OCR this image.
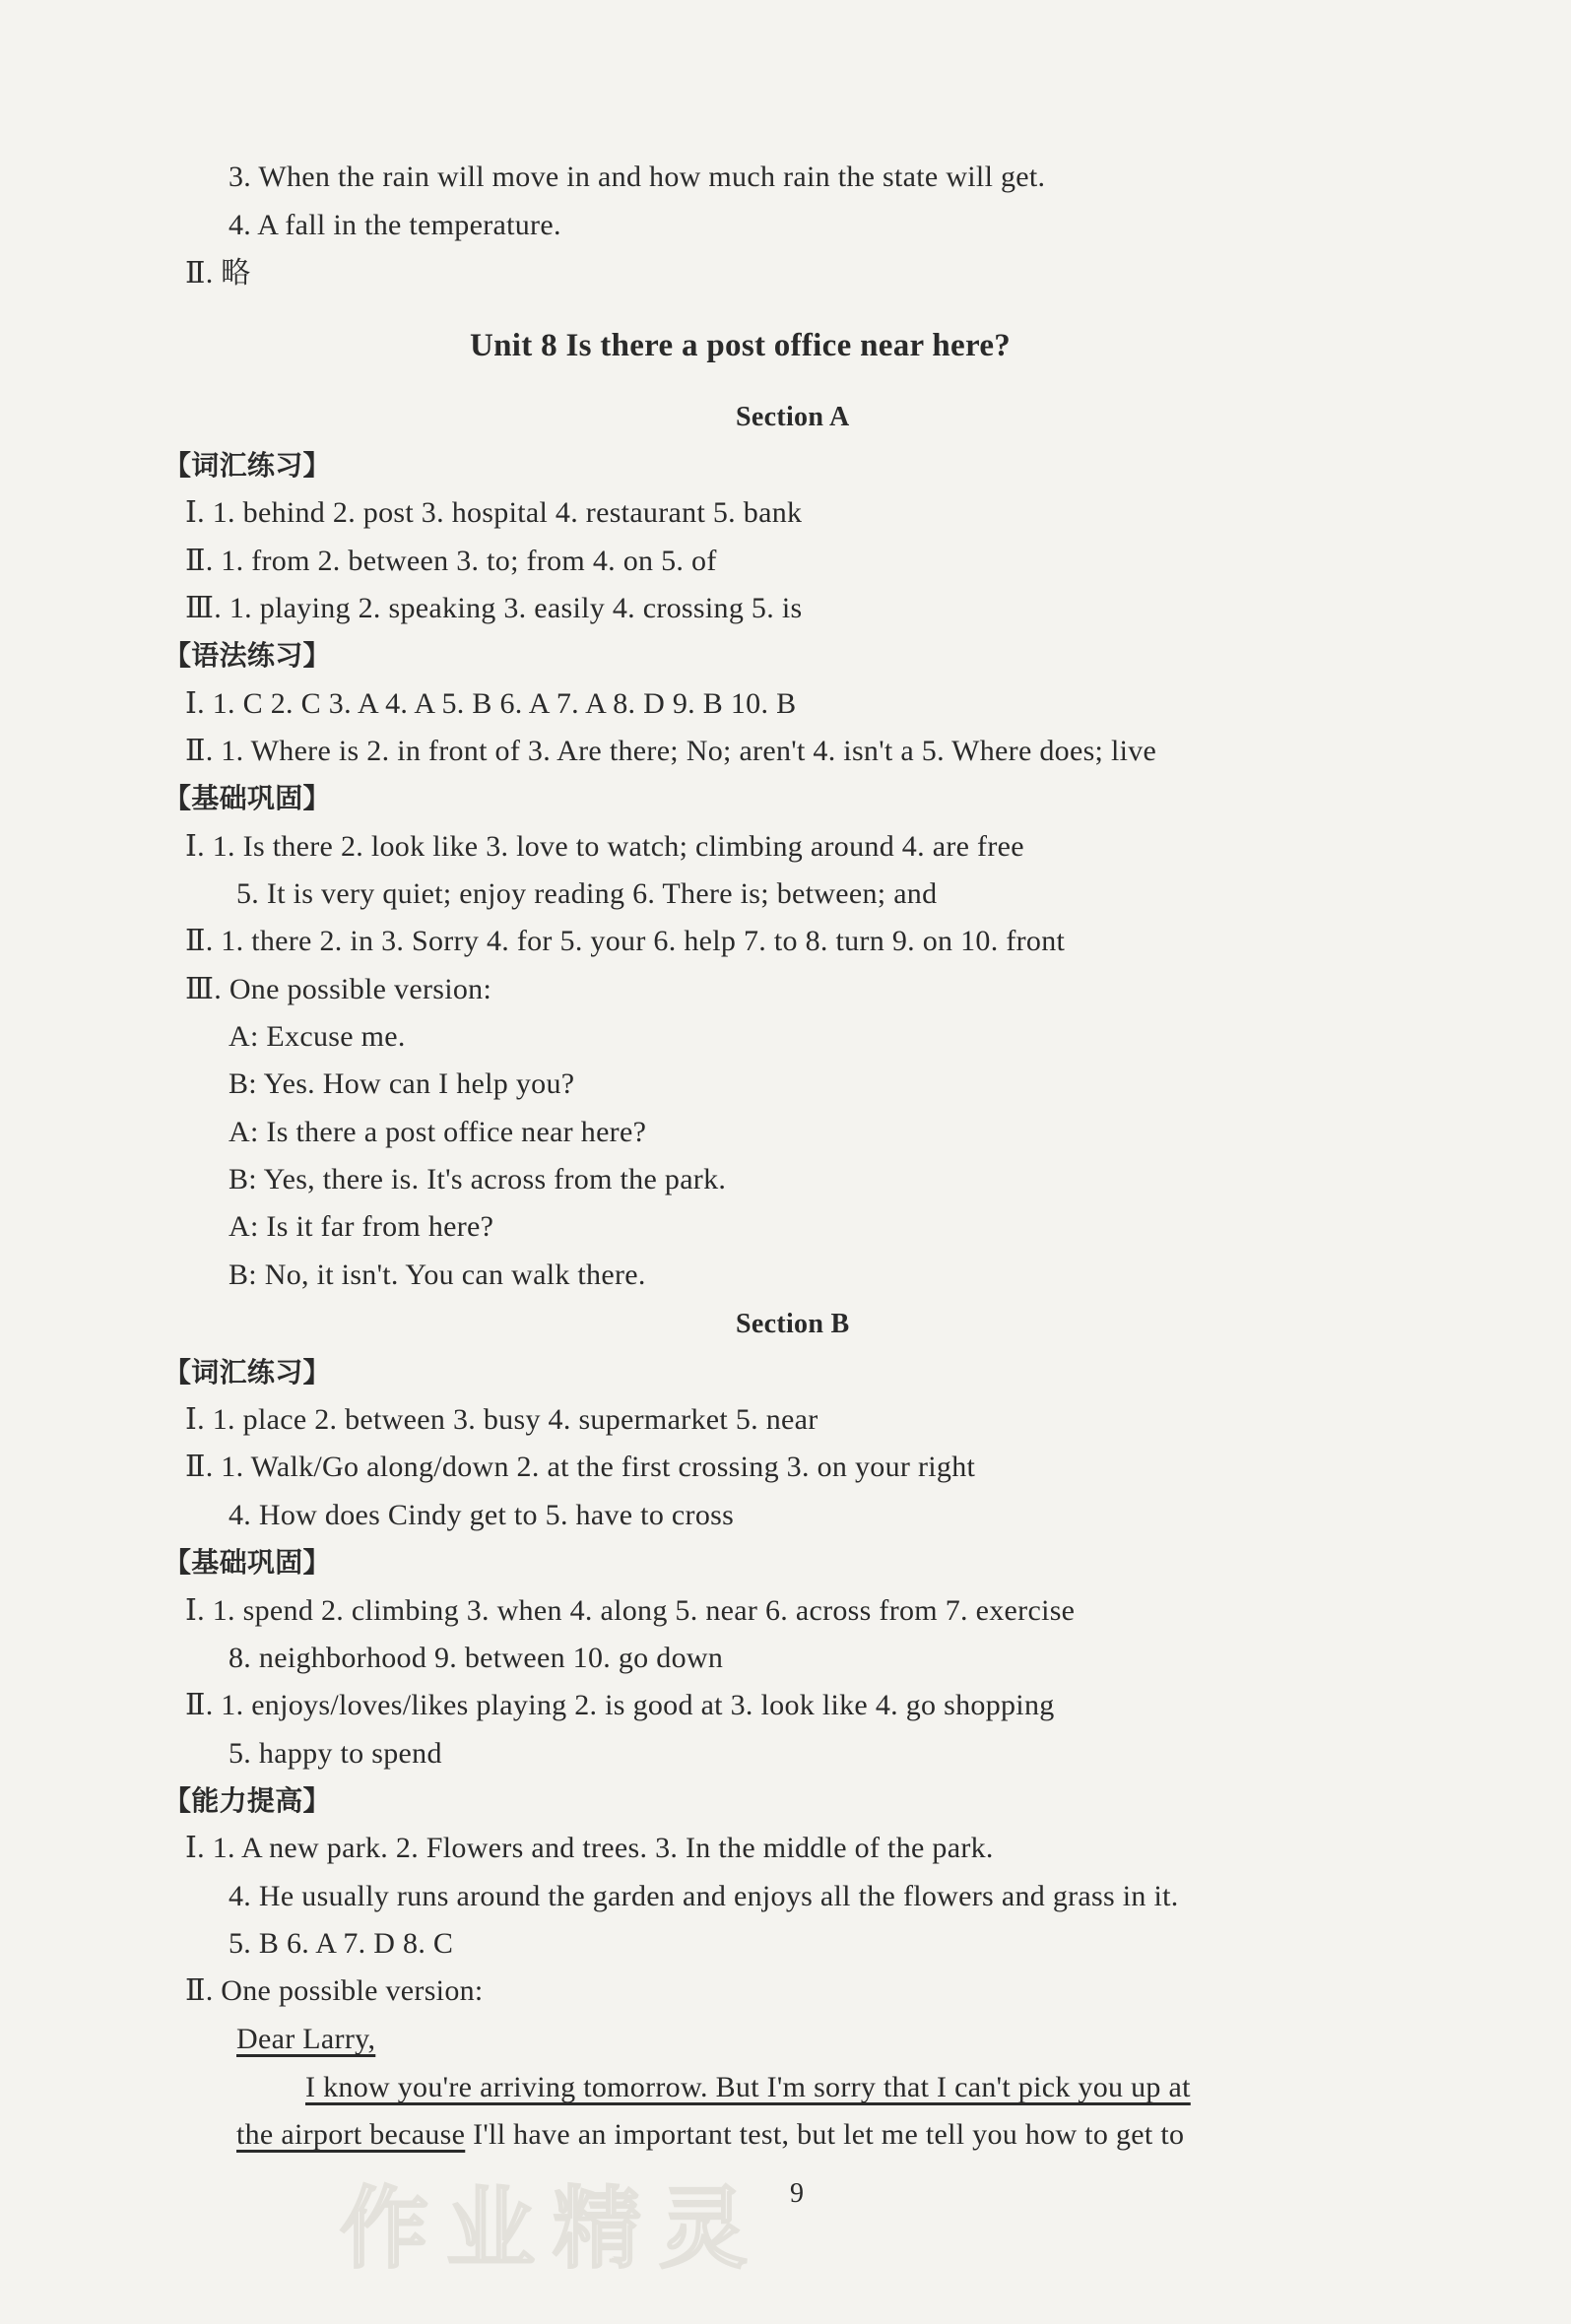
3. When the rain will move in and how much rain the state will get.
4. A fall in the temperature.
Ⅱ. 略
Unit 8 Is there a post office near here?
Section A
【词汇练习】
Ⅰ. 1. behind 2. post 3. hospital 4. restaurant 5. bank
Ⅱ. 1. from 2. between 3. to; from 4. on 5. of
Ⅲ. 1. playing 2. speaking 3. easily 4. crossing 5. is
【语法练习】
Ⅰ. 1. C 2. C 3. A 4. A 5. B 6. A 7. A 8. D 9. B 10. B
Ⅱ. 1. Where is 2. in front of 3. Are there; No; aren't 4. isn't a 5. Where does; live
【基础巩固】
Ⅰ. 1. Is there 2. look like 3. love to watch; climbing around 4. are free
5. It is very quiet; enjoy reading 6. There is; between; and
Ⅱ. 1. there 2. in 3. Sorry 4. for 5. your 6. help 7. to 8. turn 9. on 10. front
Ⅲ. One possible version:
A: Excuse me.
B: Yes. How can I help you?
A: Is there a post office near here?
B: Yes, there is. It's across from the park.
A: Is it far from here?
B: No, it isn't. You can walk there.
Section B
【词汇练习】
Ⅰ. 1. place 2. between 3. busy 4. supermarket 5. near
Ⅱ. 1. Walk/Go along/down 2. at the first crossing 3. on your right
4. How does Cindy get to 5. have to cross
【基础巩固】
Ⅰ. 1. spend 2. climbing 3. when 4. along 5. near 6. across from 7. exercise
8. neighborhood 9. between 10. go down
Ⅱ. 1. enjoys/loves/likes playing 2. is good at 3. look like 4. go shopping
5. happy to spend
【能力提高】
Ⅰ. 1. A new park. 2. Flowers and trees. 3. In the middle of the park.
4. He usually runs around the garden and enjoys all the flowers and grass in it.
5. B 6. A 7. D 8. C
Ⅱ. One possible version:
Dear Larry,
I know you're arriving tomorrow. But I'm sorry that I can't pick you up at
the airport because I'll have an important test, but let me tell you how to get to
作业精灵 9
